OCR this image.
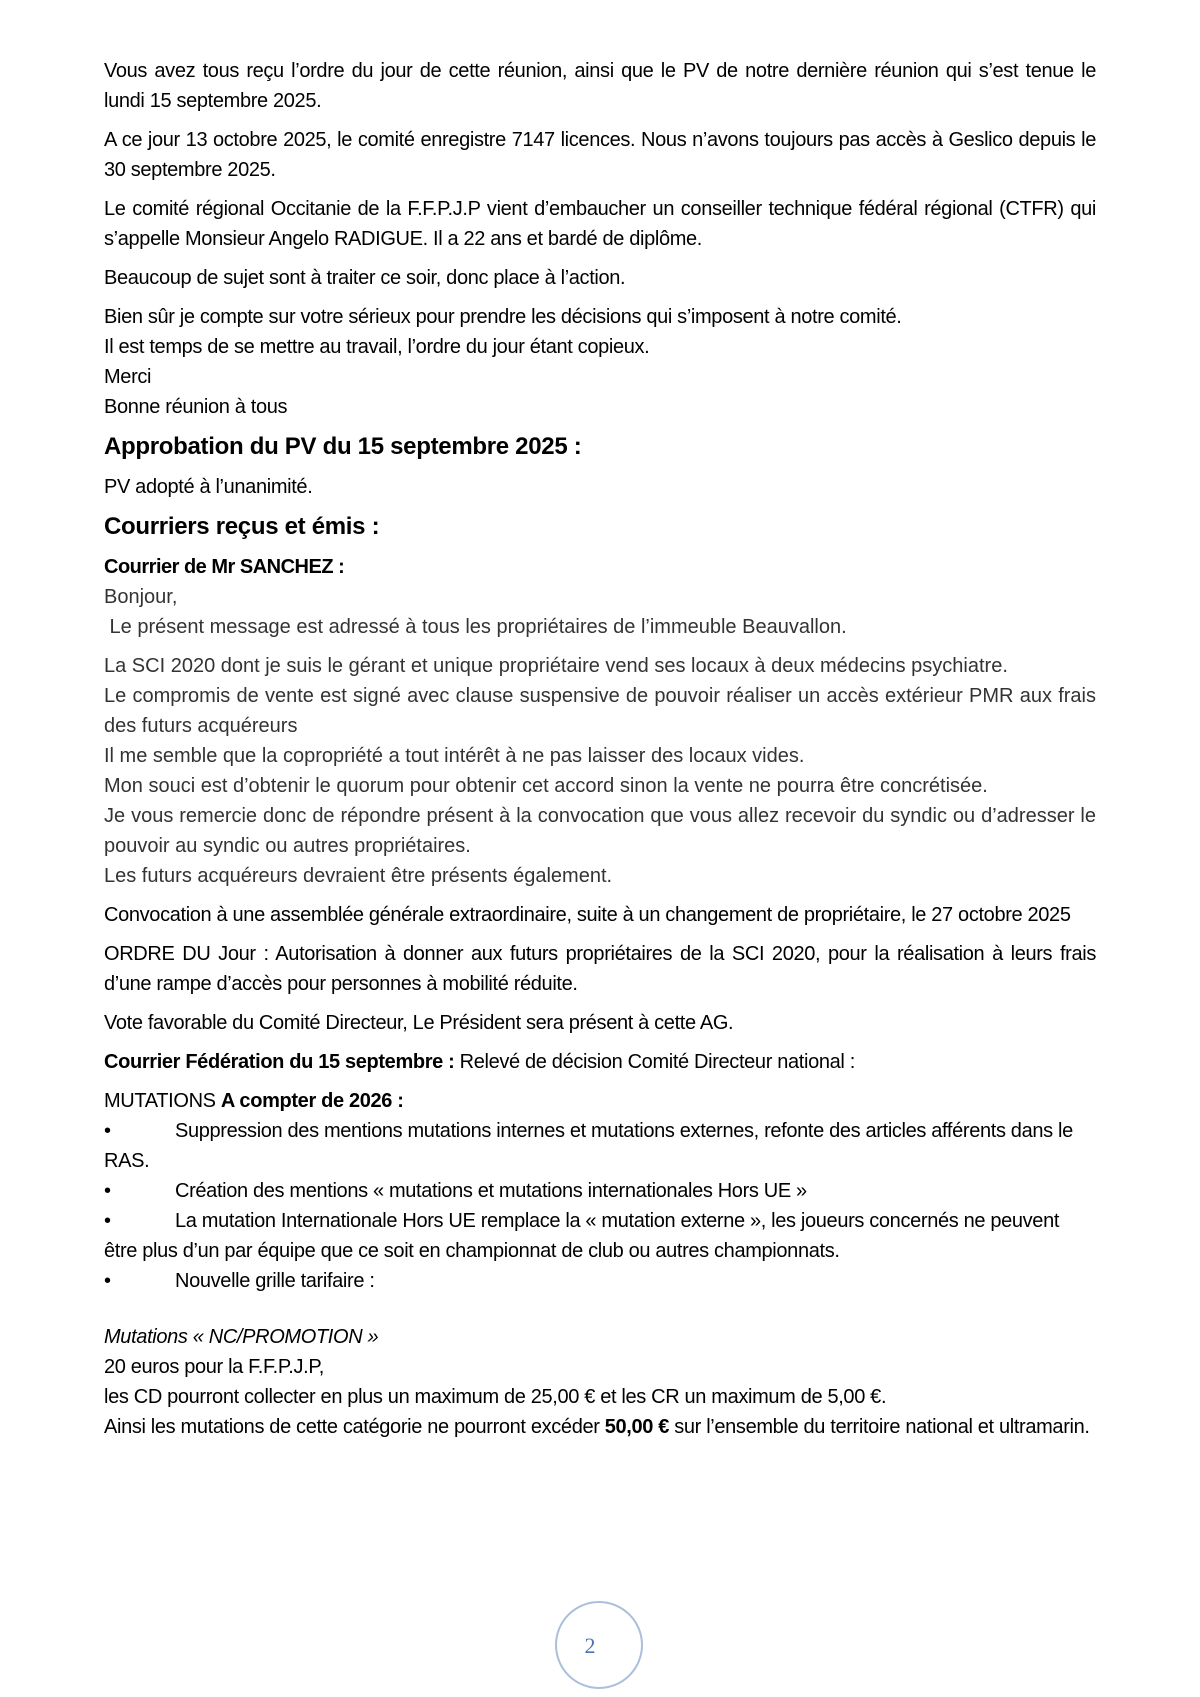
Vous avez tous reçu l’ordre du jour de cette réunion, ainsi que le PV de notre dernière réunion qui s’est tenue le lundi 15 septembre 2025.

A ce jour 13 octobre 2025, le comité enregistre 7147 licences. Nous n’avons toujours pas accès à Geslico depuis le 30 septembre 2025.

Le comité régional Occitanie de la F.F.P.J.P vient d’embaucher un conseiller technique fédéral régional (CTFR) qui s’appelle Monsieur Angelo RADIGUE. Il a 22 ans et bardé de diplôme.

Beaucoup de sujet sont à traiter ce soir, donc place à l’action.

Bien sûr je compte sur votre sérieux pour prendre les décisions qui s’imposent à notre comité.

Il est temps de se mettre au travail, l’ordre du jour étant copieux.

Merci

Bonne réunion à tous

Approbation du PV du 15 septembre 2025 :

PV adopté à l’unanimité.

Courriers reçus et émis :

Courrier de Mr SANCHEZ :

Bonjour,

Le présent message est adressé à tous les propriétaires de l’immeuble Beauvallon.

La SCI 2020 dont je suis le gérant et unique propriétaire vend ses locaux à deux médecins psychiatre.

Le compromis de vente est signé avec clause suspensive de pouvoir réaliser un accès extérieur PMR aux frais des futurs acquéreurs

Il me semble que la copropriété a tout intérêt à ne pas laisser des locaux vides.

Mon souci est d’obtenir le quorum pour obtenir cet accord sinon la vente ne pourra être concrétisée.

Je vous remercie donc de répondre présent à la convocation que vous allez recevoir du syndic ou d’adresser le pouvoir au syndic ou autres propriétaires.

Les futurs acquéreurs devraient être présents également.

Convocation à une assemblée générale extraordinaire, suite à un changement de propriétaire, le 27 octobre 2025

ORDRE DU Jour : Autorisation à donner aux futurs propriétaires de la SCI 2020, pour la réalisation à leurs frais d’une rampe d’accès pour personnes à mobilité réduite.

Vote favorable du Comité Directeur, Le Président sera présent à cette AG.

Courrier Fédération du 15 septembre : Relevé de décision Comité Directeur national :

MUTATIONS A compter de 2026 :

•	Suppression des mentions mutations internes et mutations externes, refonte des articles afférents dans le RAS.

•	Création des mentions « mutations et mutations internationales Hors UE »

•	La mutation Internationale Hors UE remplace la « mutation externe », les joueurs concernés ne peuvent être plus d’un par équipe que ce soit en championnat de club ou autres championnats.

•	Nouvelle grille tarifaire :

Mutations « NC/PROMOTION »

20 euros pour la F.F.P.J.P,

les CD pourront collecter en plus un maximum de 25,00 € et les CR un maximum de 5,00 €.

Ainsi les mutations de cette catégorie ne pourront excéder 50,00 € sur l’ensemble du territoire national et ultramarin.

2
